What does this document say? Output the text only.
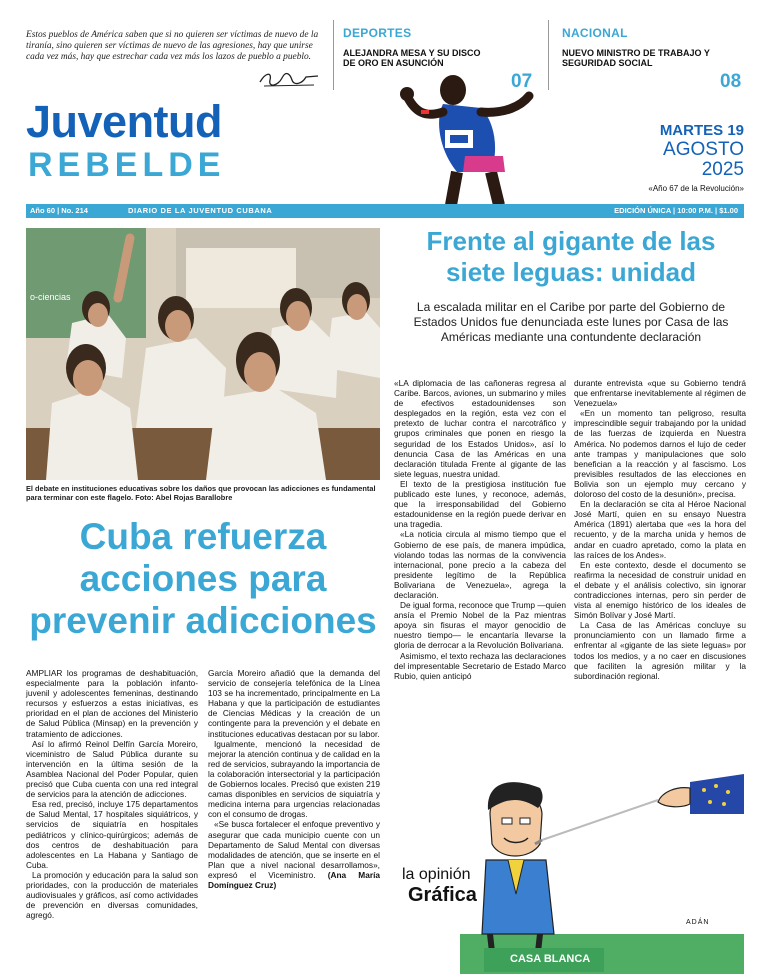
Estos pueblos de América saben que si no quieren ser víctimas de nuevo de la tiranía, sino quieren ser víctimas de nuevo de las agresiones, hay que unirse cada vez más, hay que estrechar cada vez más los lazos de pueblo a pueblo.

DEPORTES
ALEJANDRA MESA Y SU DISCO DE ORO EN ASUNCIÓN
07
NACIONAL
NUEVO MINISTRO DE TRABAJO Y SEGURIDAD SOCIAL
08
Juventud
REBELDE
MARTES 19
AGOSTO
2025
«Año 67 de la Revolución»
Año 60 | No. 214	DIARIO DE LA JUVENTUD CUBANA	EDICIÓN ÚNICA | 10:00 P.M. | $1.00
o-ciencias

El debate en instituciones educativas sobre los daños que provocan las adicciones es fundamental para terminar con este flagelo. Foto: Abel Rojas Barallobre

Cuba refuerza acciones para prevenir adicciones

AMPLIAR los programas de deshabituación, especialmente para la población infanto-juvenil y adolescentes femeninas, destinando recursos y esfuerzos a estas iniciativas, es prioridad en el plan de acciones del Ministerio de Salud Pública (Minsap) en la prevención y tratamiento de adicciones.

Así lo afirmó Reinol Delfín García Moreiro, viceministro de Salud Pública durante su intervención en la última sesión de la Asamblea Nacional del Poder Popular, quien precisó que Cuba cuenta con una red integral de servicios para la atención de adicciones.

Esa red, precisó, incluye 175 departamentos de Salud Mental, 17 hospitales siquiátricos, y servicios de siquiatría en hospitales pediátricos y clínico-quirúrgicos; además de dos centros de deshabituación para adolescentes en La Habana y Santiago de Cuba.

La promoción y educación para la salud son prioridades, con la producción de materiales audiovisuales y gráficos, así como actividades de prevención en diversas comunidades, agregó.

García Moreiro añadió que la demanda del servicio de consejería telefónica de la Línea 103 se ha incrementado, principalmente en La Habana y que la participación de estudiantes de Ciencias Médicas y la creación de un contingente para la prevención y el debate en instituciones educativas destacan por su labor.

Igualmente, mencionó la necesidad de mejorar la atención continua y de calidad en la red de servicios, subrayando la importancia de la colaboración intersectorial y la participación de Gobiernos locales. Precisó que existen 219 camas disponibles en servicios de siquiatría y medicina interna para urgencias relacionadas con el consumo de drogas.

«Se busca fortalecer el enfoque preventivo y asegurar que cada municipio cuente con un Departamento de Salud Mental con diversas modalidades de atención, que se inserte en el Plan que a nivel nacional desarrollamos», expresó el Viceministro. (Ana María Domínguez Cruz)

Frente al gigante de las siete leguas: unidad

La escalada militar en el Caribe por parte del Gobierno de Estados Unidos fue denunciada este lunes por Casa de las Américas mediante una contundente declaración

«LA diplomacia de las cañoneras regresa al Caribe. Barcos, aviones, un submarino y miles de efectivos estadounidenses son desplegados en la región, esta vez con el pretexto de luchar contra el narcotráfico y grupos criminales que ponen en riesgo la seguridad de los Estados Unidos», así lo denuncia Casa de las Américas en una declaración titulada Frente al gigante de las siete leguas, nuestra unidad.

El texto de la prestigiosa institución fue publicado este lunes, y reconoce, además, que la irresponsabilidad del Gobierno estadounidense en la región puede derivar en una tragedia.

«La noticia circula al mismo tiempo que el Gobierno de ese país, de manera impúdica, violando todas las normas de la convivencia internacional, pone precio a la cabeza del presidente legítimo de la República Bolivariana de Venezuela», agrega la declaración.

De igual forma, reconoce que Trump —quien ansía el Premio Nobel de la Paz mientras apoya sin fisuras el mayor genocidio de nuestro tiempo— le encantaría llevarse la gloria de derrocar a la Revolución Bolivariana.

Asimismo, el texto rechaza las declaraciones del impresentable Secretario de Estado Marco Rubio, quien anticipó

durante entrevista «que su Gobierno tendrá que enfrentarse inevitablemente al régimen de Venezuela»

«En un momento tan peligroso, resulta imprescindible seguir trabajando por la unidad de las fuerzas de izquierda en Nuestra América. No podemos darnos el lujo de ceder ante trampas y manipulaciones que solo benefician a la reacción y al fascismo. Los previsibles resultados de las elecciones en Bolivia son un ejemplo muy cercano y doloroso del costo de la desunión», precisa.

En la declaración se cita al Héroe Nacional José Martí, quien en su ensayo Nuestra América (1891) alertaba que «es la hora del recuento, y de la marcha unida y hemos de andar en cuadro apretado, como la plata en las raíces de los Andes».

En este contexto, desde el documento se reafirma la necesidad de construir unidad en el debate y el análisis colectivo, sin ignorar contradicciones internas, pero sin perder de vista al enemigo histórico de los ideales de Simón Bolívar y José Martí.

La Casa de las Américas concluye su pronunciamiento con un llamado firme a enfrentar al «gigante de las siete leguas» por todos los medios, y a no caer en discusiones que faciliten la agresión militar y la subordinación regional.

la opinión
Gráfica
ADÁN
CASA BLANCA
